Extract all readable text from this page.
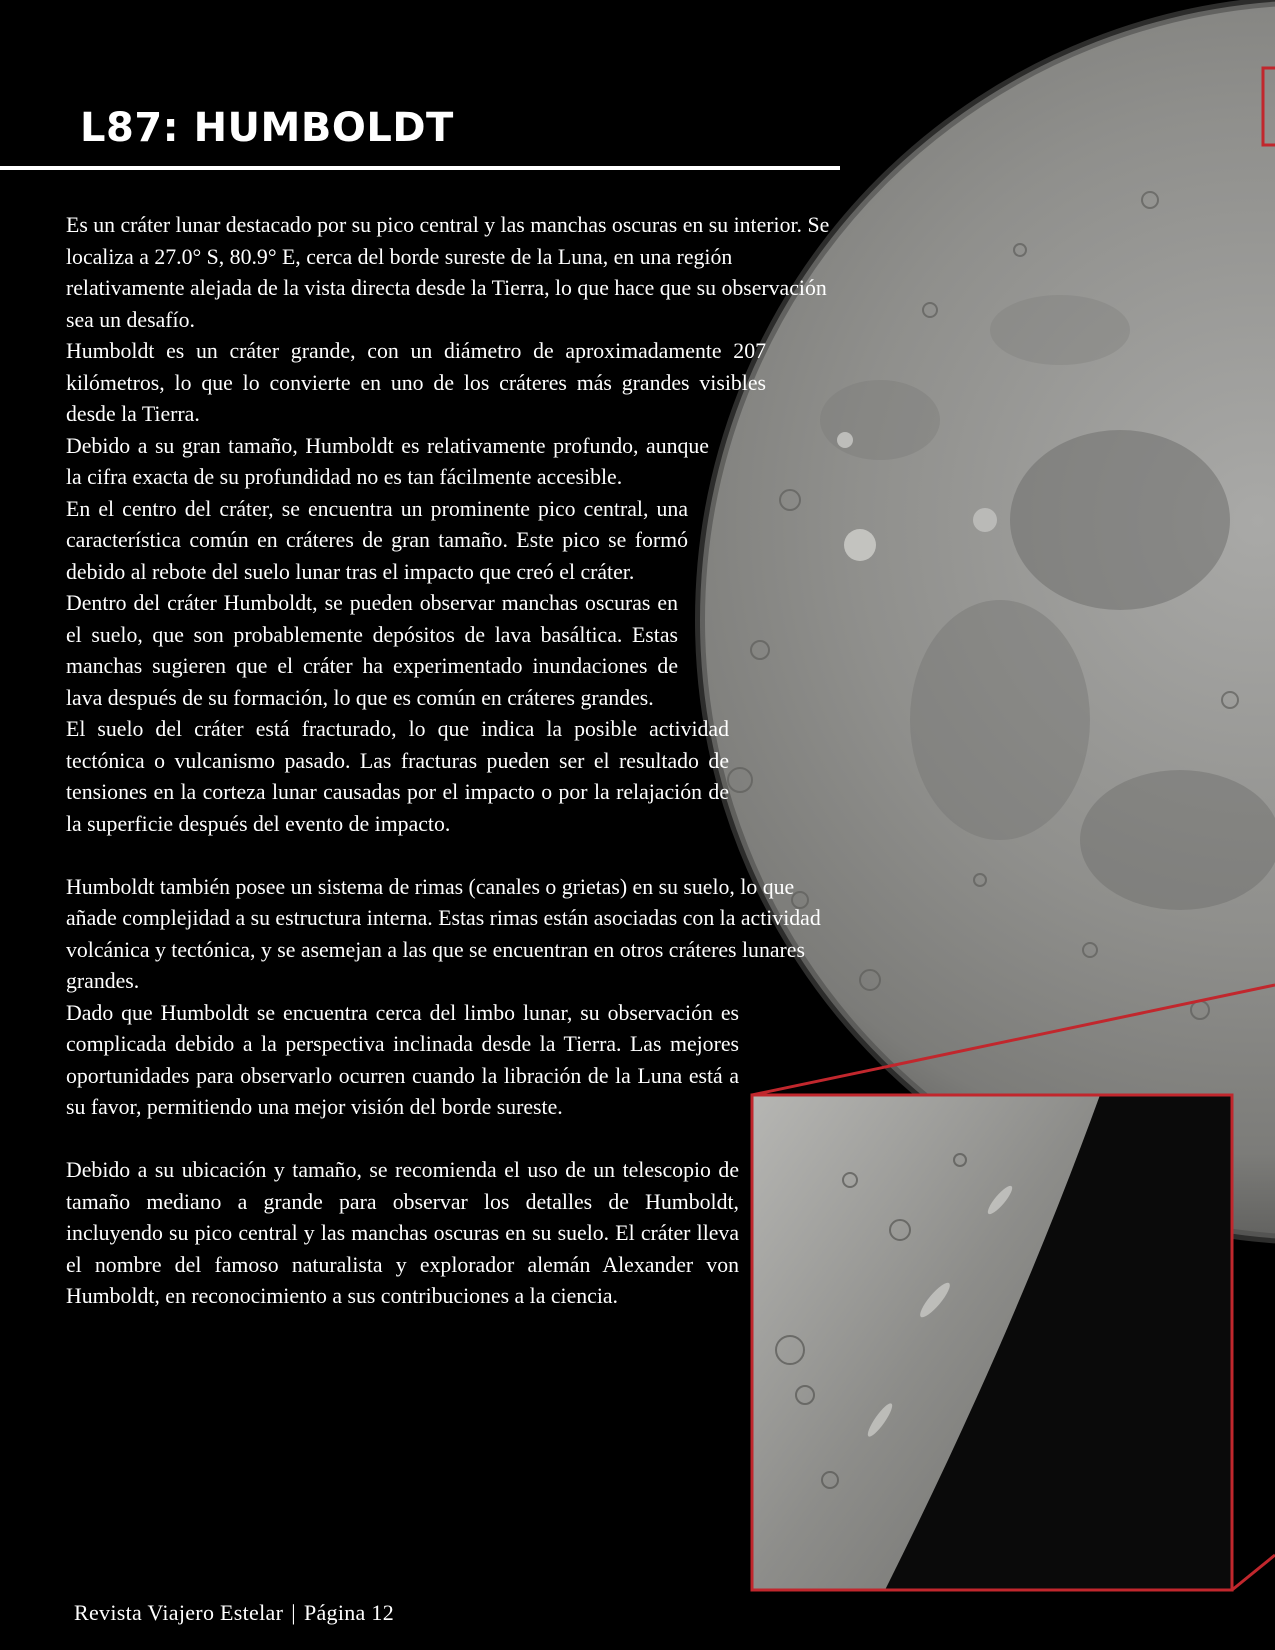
L87: HUMBOLDT

Es un cráter lunar destacado por su pico central y las manchas oscuras en su interior. Se localiza a 27.0° S, 80.9° E, cerca del borde sureste de la Luna, en una región relativamente alejada de la vista directa desde la Tierra, lo que hace que su observación sea un desafío.

Humboldt es un cráter grande, con un diámetro de aproximadamente 207 kilómetros, lo que lo convierte en uno de los cráteres más grandes visibles desde la Tierra.

Debido a su gran tamaño, Humboldt es relativamente profundo, aunque la cifra exacta de su profundidad no es tan fácilmente accesible.

En el centro del cráter, se encuentra un prominente pico central, una característica común en cráteres de gran tamaño. Este pico se formó debido al rebote del suelo lunar tras el impacto que creó el cráter.

Dentro del cráter Humboldt, se pueden observar manchas oscuras en el suelo, que son probablemente depósitos de lava basáltica. Estas manchas sugieren que el cráter ha experimentado inundaciones de lava después de su formación, lo que es común en cráteres grandes.

El suelo del cráter está fracturado, lo que indica la posible actividad tectónica o vulcanismo pasado. Las fracturas pueden ser el resultado de tensiones en la corteza lunar causadas por el impacto o por la relajación de la superficie después del evento de impacto.

Humboldt también posee un sistema de rimas (canales o grietas) en su suelo, lo que añade complejidad a su estructura interna. Estas rimas están asociadas con la actividad volcánica y tectónica, y se asemejan a las que se encuentran en otros cráteres lunares grandes.

Dado que Humboldt se encuentra cerca del limbo lunar, su observación es complicada debido a la perspectiva inclinada desde la Tierra. Las mejores oportunidades para observarlo ocurren cuando la libración de la Luna está a su favor, permitiendo una mejor visión del borde sureste.

Debido a su ubicación y tamaño, se recomienda el uso de un telescopio de tamaño mediano a grande para observar los detalles de Humboldt, incluyendo su pico central y las manchas oscuras en su suelo. El cráter lleva el nombre del famoso naturalista y explorador alemán Alexander von Humboldt, en reconocimiento a sus contribuciones a la ciencia.

Revista Viajero Estelar | Página 12
